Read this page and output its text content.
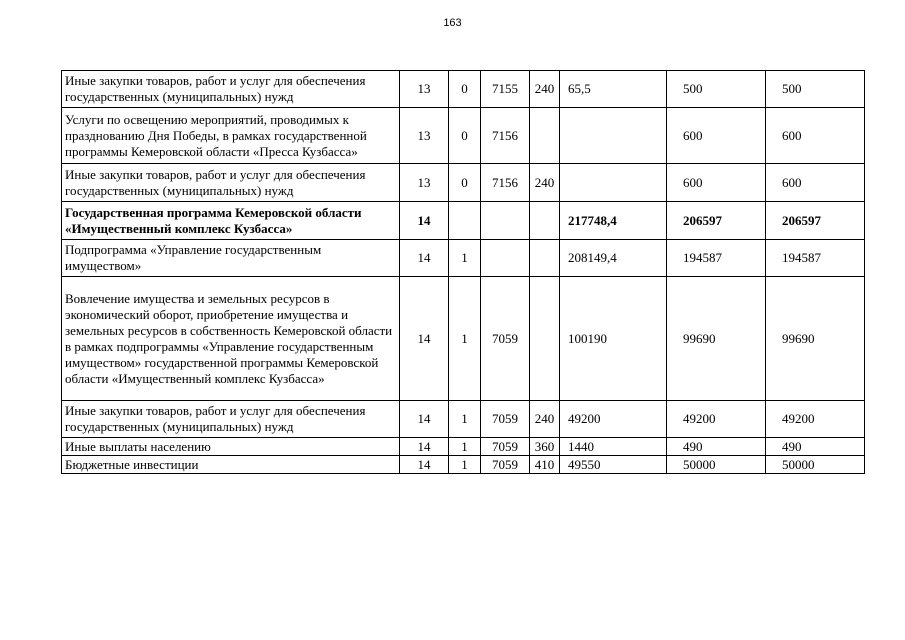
163
Иные закупки товаров, работ и услуг для обеспечения государственных (муниципальных) нужд	13	0	7155	240	65,5	500	500
Услуги по освещению мероприятий, проводимых к празднованию Дня Победы, в рамках государственной программы Кемеровской области «Пресса Кузбасса»	13	0	7156			600	600
Иные закупки товаров, работ и услуг для обеспечения государственных (муниципальных) нужд	13	0	7156	240		600	600
Государственная программа Кемеровской области «Имущественный комплекс Кузбасса»	14				217748,4	206597	206597
Подпрограмма «Управление государственным имуществом»	14	1			208149,4	194587	194587
Вовлечение имущества и земельных ресурсов в экономический оборот, приобретение имущества и земельных ресурсов в собственность Кемеровской области в рамках подпрограммы «Управление государственным имуществом» государственной программы Кемеровской области «Имущественный комплекс Кузбасса»	14	1	7059		100190	99690	99690
Иные закупки товаров, работ и услуг для обеспечения государственных (муниципальных) нужд	14	1	7059	240	49200	49200	49200
Иные выплаты населению	14	1	7059	360	1440	490	490
Бюджетные инвестиции	14	1	7059	410	49550	50000	50000
